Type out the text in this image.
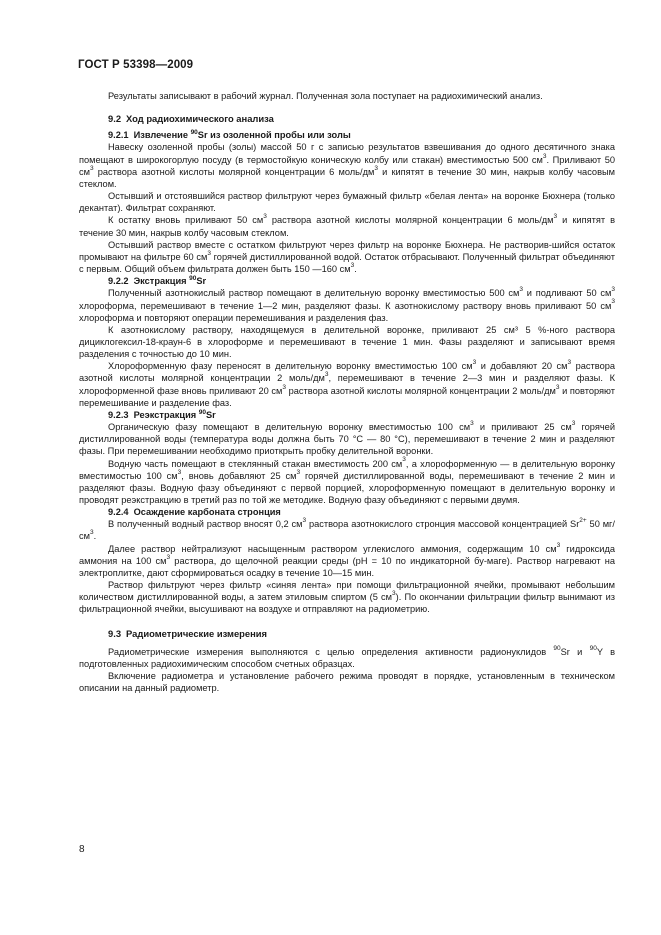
ГОСТ Р 53398—2009

Результаты записывают в рабочий журнал. Полученная зола поступает на радиохимический анализ.

9.2 Ход радиохимического анализа
9.2.1 Извлечение $^{90}$Sr из озоленной пробы или золы

Навеску озоленной пробы (золы) массой 50 г с записью результатов взвешивания до одного десятичного знака помещают в широкогорлую посуду (в термостойкую коническую колбу или стакан) вместимостью 500 $см^3$. Приливают 50 $см^3$ раствора азотной кислоты молярной концентрации 6 моль/$дм^3$ и кипятят в течение 30 мин, накрыв колбу часовым стеклом.

Остывший и отстоявшийся раствор фильтруют через бумажный фильтр «белая лента» на воронке Бюхнера (только декантат). Фильтрат сохраняют.

К остатку вновь приливают 50 $см^3$ раствора азотной кислоты молярной концентрации 6 моль/$дм^3$ и кипятят в течение 30 мин, накрыв колбу часовым стеклом.

Остывший раствор вместе с остатком фильтруют через фильтр на воронке Бюхнера. Не растворив-шийся остаток промывают на фильтре 60 $см^3$ горячей дистиллированной водой. Остаток отбрасывают. Полученный фильтрат объединяют с первым. Общий объем фильтрата должен быть 150 —160 $см^3$.

9.2.2 Экстракция $^{90}$Sr

Полученный азотнокислый раствор помещают в делительную воронку вместимостью 500 $см^3$ и подливают 50 $см^3$ хлороформа, перемешивают в течение 1—2 мин, разделяют фазы. К азотнокислому раствору вновь приливают 50 $см^3$ хлороформа и повторяют операции перемешивания и разделения фаз.

К азотнокислому раствору, находящемуся в делительной воронке, приливают 25 см³ 5 %-ного раствора дициклогексил-18-краун-6 в хлороформе и перемешивают в течение 1 мин. Фазы разделяют и записывают время разделения с точностью до 10 мин.

Хлороформенную фазу переносят в делительную воронку вместимостью 100 $см^3$ и добавляют 20 $см^3$ раствора азотной кислоты молярной концентрации 2 моль/$дм^3$, перемешивают в течение 2—3 мин и разделяют фазы. К хлороформенной фазе вновь приливают 20 $см^3$ раствора азотной кислоты молярной концентрации 2 моль/$дм^3$ и повторяют перемешивание и разделение фаз.

9.2.3 Реэкстракция $^{90}$Sr

Органическую фазу помещают в делительную воронку вместимостью 100 $см^3$ и приливают 25 $см^3$ горячей дистиллированной воды (температура воды должна быть 70 °С — 80 °С), перемешивают в течение 2 мин и разделяют фазы. При перемешивании необходимо приоткрыть пробку делительной воронки.

Водную часть помещают в стеклянный стакан вместимость 200 $см^3$, а хлороформенную — в делительную воронку вместимостью 100 $см^3$, вновь добавляют 25 $см^3$ горячей дистиллированной воды, перемешивают в течение 2 мин и разделяют фазы. Водную фазу объединяют с первой порцией, хлороформенную помещают в делительную воронку и проводят реэкстракцию в третий раз по той же методике. Водную фазу объединяют с первыми двумя.

9.2.4 Осаждение карбоната стронция

В полученный водный раствор вносят 0,2 $см^3$ раствора азотнокислого стронция массовой концентрацией $Sr^{2+}$ 50 $мг/см^3$.

Далее раствор нейтрализуют насыщенным раствором углекислого аммония, содержащим 10 $см^3$ гидроксида аммония на 100 $см^3$ раствора, до щелочной реакции среды (pH = 10 по индикаторной бу-маге). Раствор нагревают на электроплитке, дают сформироваться осадку в течение 10—15 мин.

Раствор фильтруют через фильтр «синяя лента» при помощи фильтрационной ячейки, промывают небольшим количеством дистиллированной воды, а затем этиловым спиртом (5 $см^3$). По окончании фильтрации фильтр вынимают из фильтрационной ячейки, высушивают на воздухе и отправляют на радиометрию.

9.3 Радиометрические измерения

Радиометрические измерения выполняются с целью определения активности радионуклидов $^{90}$Sr и $^{90}$Y в подготовленных радиохимическим способом счетных образцах.

Включение радиометра и установление рабочего режима проводят в порядке, установленным в техническом описании на данный радиометр.

8
